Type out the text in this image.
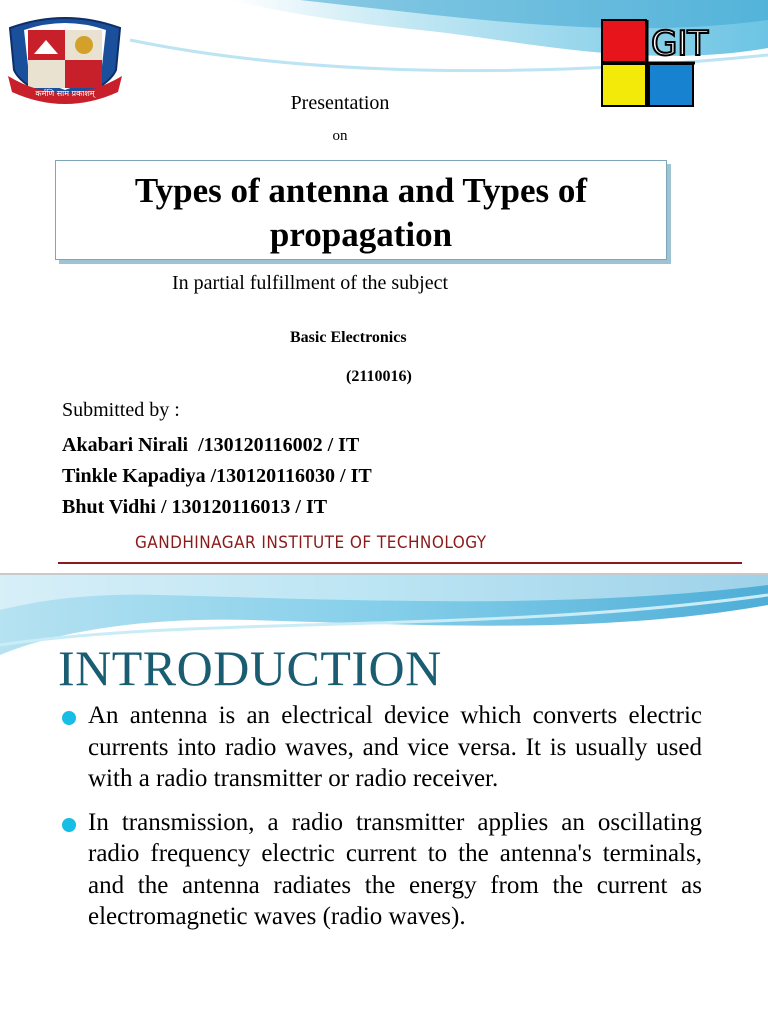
कर्मणि साम प्रकाशम्
GIT
Presentation
on
Types of antenna and Types of
propagation
In partial fulfillment of the subject
Basic Electronics
(2110016)
Submitted by :
Akabari Nirali  /130120116002 / IT
Tinkle Kapadiya /130120116030 / IT
Bhut Vidhi / 130120116013 / IT
GANDHINAGAR INSTITUTE OF TECHNOLOGY
INTRODUCTION
An antenna is an electrical device which converts electric currents into radio waves, and vice versa. It is usually used with a radio transmitter or radio receiver.
In transmission, a radio transmitter applies an oscillating radio frequency electric current to the antenna's terminals, and the antenna radiates the energy from the current as electromagnetic waves (radio waves).
